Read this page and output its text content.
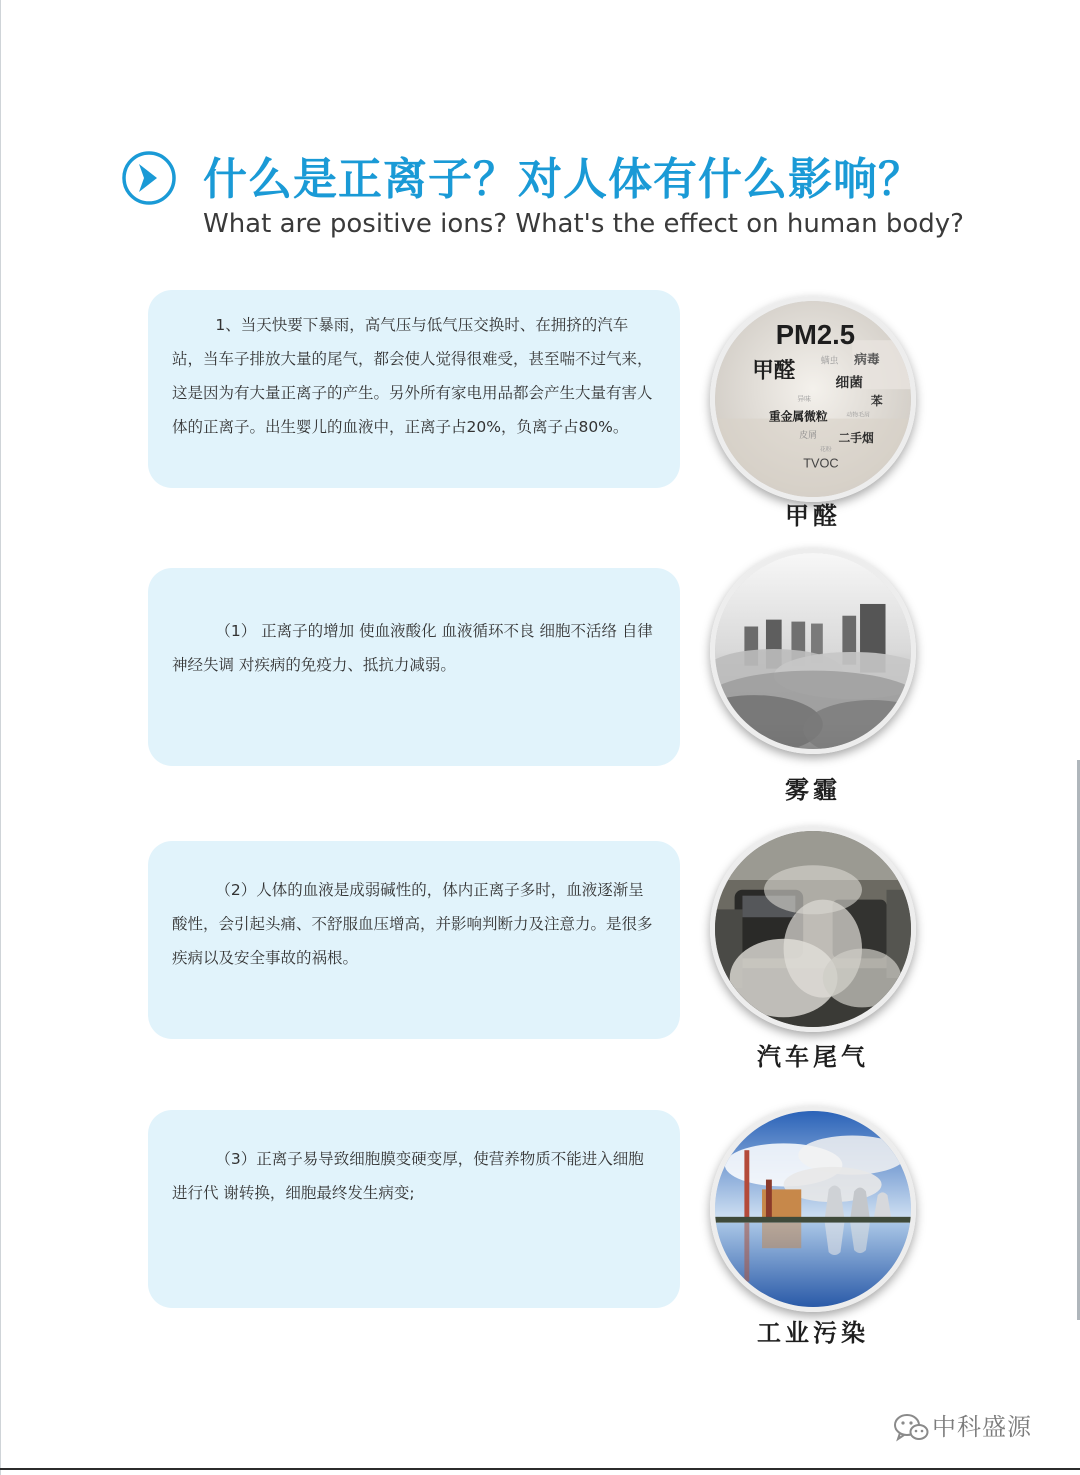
什么是正离子？对人体有什么影响？

What are positive ions? What's the effect on human body?

1、当天快要下暴雨，高气压与低气压交换时、在拥挤的汽车站，当车子排放大量的尾气，都会使人觉得很难受，甚至喘不过气来，这是因为有大量正离子的产生。另外所有家电用品都会产生大量有害人体的正离子。出生婴儿的血液中，正离子占20%，负离子占80%。

（1） 正离子的增加 使血液酸化 血液循环不良 细胞不活络 自律神经失调 对疾病的免疫力、抵抗力减弱。

（2）人体的血液是成弱碱性的，体内正离子多时，血液逐渐呈酸性，会引起头痛、不舒服血压增高，并影响判断力及注意力。是很多疾病以及安全事故的祸根。

（3）正离子易导致细胞膜变硬变厚，使营养物质不能进入细胞进行代 谢转换，细胞最终发生病变;

PM2.5
甲醛	螨虫 病毒
细菌
异味	苯
重金属微粒	动物毛屑
皮屑
花粉
二手烟
TVOC

甲醛

雾霾

汽车尾气

工业污染

中科盛源
